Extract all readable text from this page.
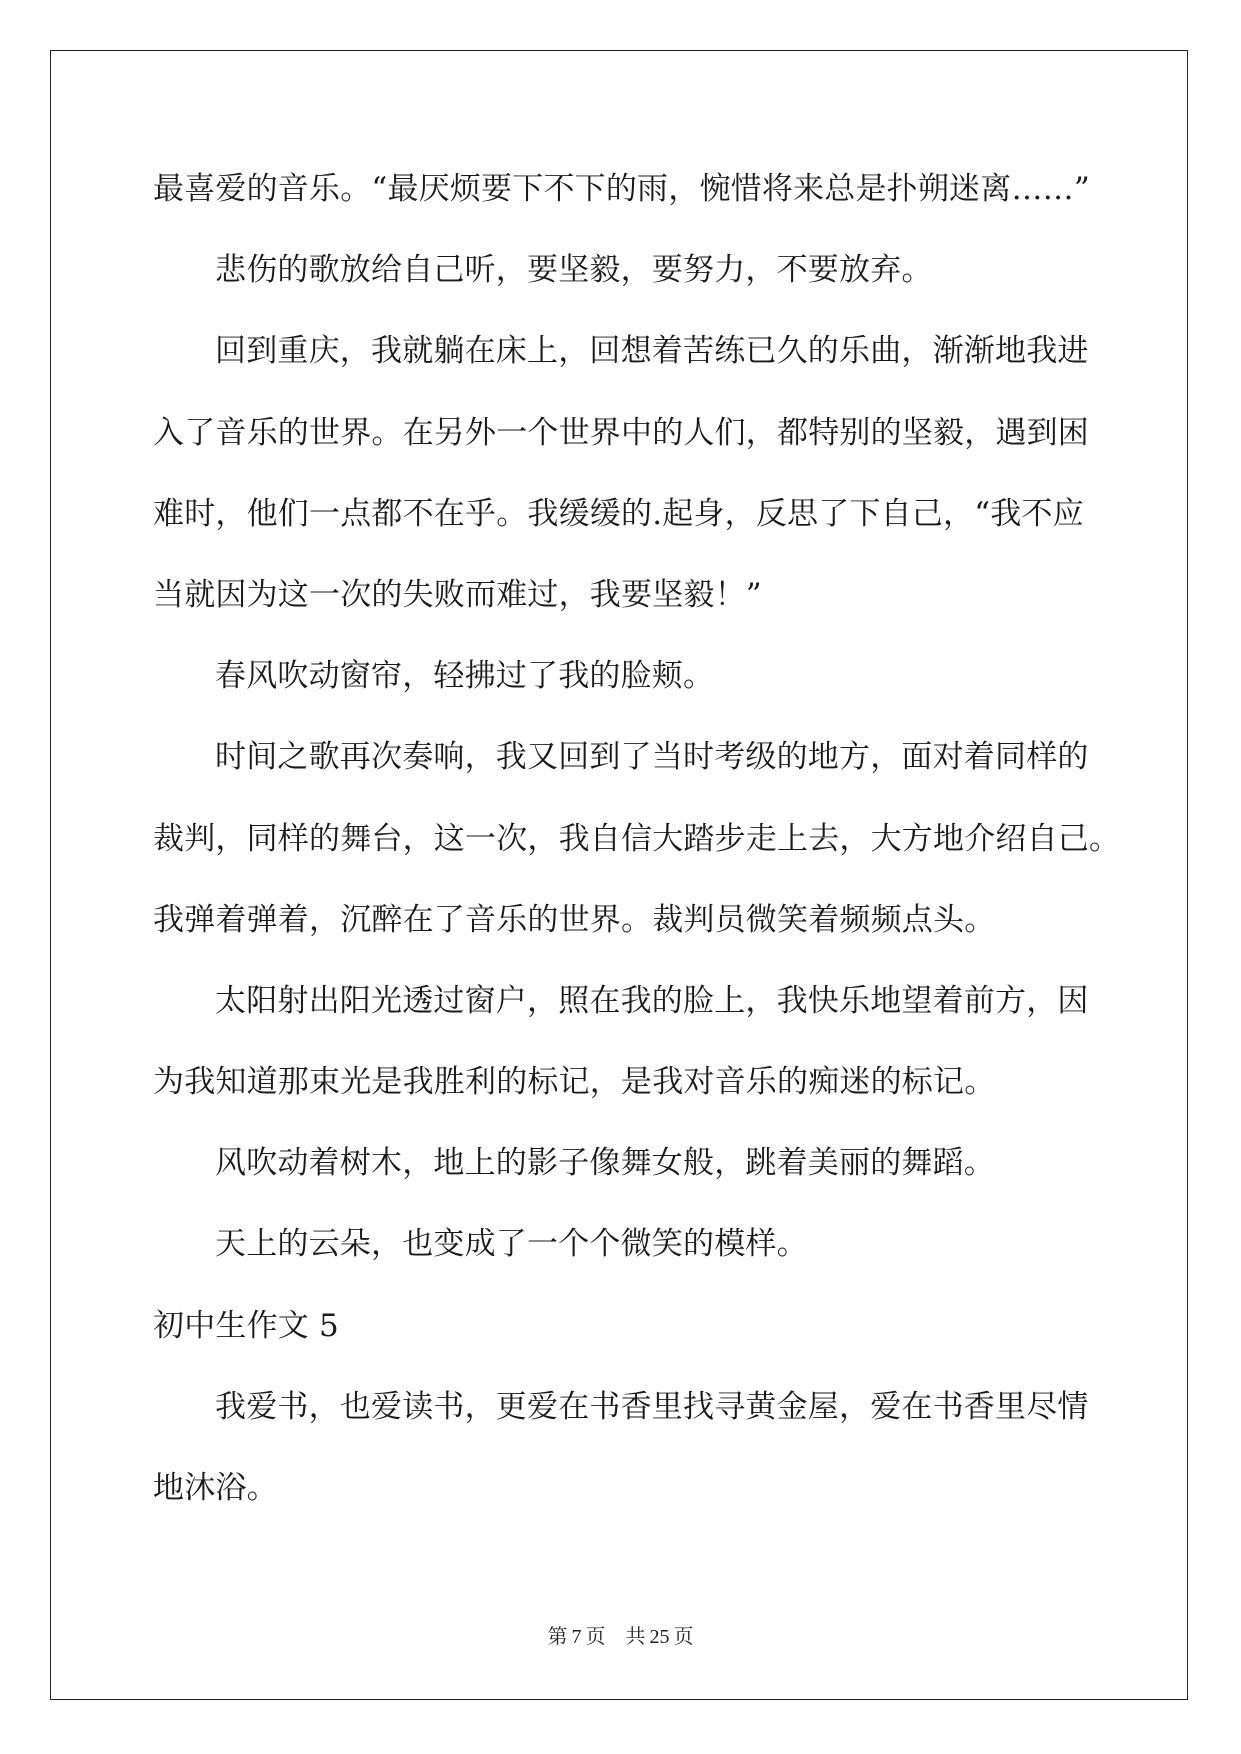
最喜爱的音乐。“最厌烦要下不下的雨，惋惜将来总是扑朔迷离……”
悲伤的歌放给自己听，要坚毅，要努力，不要放弃。
回到重庆，我就躺在床上，回想着苦练已久的乐曲，渐渐地我进
入了音乐的世界。在另外一个世界中的人们，都特别的坚毅，遇到困
难时，他们一点都不在乎。我缓缓的.起身，反思了下自己，“我不应
当就因为这一次的失败而难过，我要坚毅！”
春风吹动窗帘，轻拂过了我的脸颊。
时间之歌再次奏响，我又回到了当时考级的地方，面对着同样的
裁判，同样的舞台，这一次，我自信大踏步走上去，大方地介绍自己。
我弹着弹着，沉醉在了音乐的世界。裁判员微笑着频频点头。
太阳射出阳光透过窗户，照在我的脸上，我快乐地望着前方，因
为我知道那束光是我胜利的标记，是我对音乐的痴迷的标记。
风吹动着树木，地上的影子像舞女般，跳着美丽的舞蹈。
天上的云朵，也变成了一个个微笑的模样。
初中生作文 5
我爱书，也爱读书，更爱在书香里找寻黄金屋，爱在书香里尽情
地沐浴。
第 7 页 共 25 页
